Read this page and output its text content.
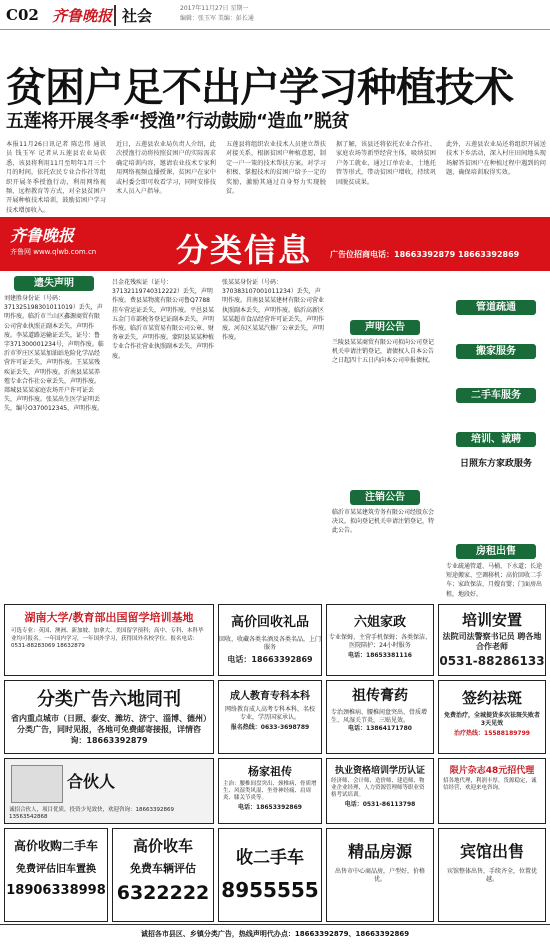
C02 齐鲁晚报 社会	2017年11月27日 星期一
编辑：张玉军 美编：彭长通
贫困户足不出户学习种植技术
五莲将开展冬季“授渔”行动鼓励“造血”脱贫
本报11月26日讯记者 陈忠伟 通讯员 钱玉军 记者从五莲县农业局获悉，该县将利用11月至明年1月三个月的时间，依托农民专业合作社等组织开展冬季授渔行动，利用网络视频、远程教育等方式，对全县贫困户开展种植技术培训，鼓励贫困户学习技术增加收入。
近日，五莲县农业局负责人介绍，此次授渔行动将按照贫困户的实际需求确定培训内容，邀请农业技术专家利用网络视频直播授课，贫困户在家中或村委会即可收看学习，同时安排技术人员入户指导。
五莲县将组织农业技术人员建立帮扶对接关系，根据贫困户种植意愿，制定一户一策的技术帮扶方案。对学习积极、掌握技术的贫困户给予一定的奖励，激励其通过自身努力实现脱贫。
据了解，该县还将依托农业合作社、家庭农场等新型经营主体，吸纳贫困户务工就业，通过订单农业、土地托管等形式，带动贫困户增收，持续巩固脱贫成果。
此外，五莲县农业局还将组织开展送技术下乡活动，深入村庄田间地头现场解答贫困户在种植过程中遇到的问题，确保培训取得实效。
齐鲁晚报
齐鲁网 www.qlwb.com.cn 分类信息 广告位招商电话：18663392879 18663392869
遗失声明
刘建胜身份证（号码：371325198301011019）丢失，声明作废。临沂市兰山区鑫源商贸有限公司营业执照正副本丢失，声明作废。李某道路运输证丢失，证号：鲁字371300001234号，声明作废。临沂市罗庄区某某加油站危险化学品经营许可证丢失，声明作废。王某某残疾证丢失，声明作废。沂南县某某养殖专业合作社公章丢失，声明作废。郯城县某某家庭农场开户许可证丢失，声明作废。张某出生医学证明丢失，编号O370012345，声明作废。
吕金花残疾证（证号：37132119740312222）丢失，声明作废。费县某物流有限公司鲁Q7788挂车营运证丢失，声明作废。平邑县某五金门市部税务登记证副本丢失，声明作废。临沂市某贸易有限公司公章、财务章丢失，声明作废。蒙阴县某某种植专业合作社营业执照副本丢失，声明作废。
张某某身份证（号码：370383107001011234）丢失，声明作废。莒南县某某建材有限公司营业执照副本丢失，声明作废。临沂高新区某某超市食品经营许可证丢失，声明作废。河东区某某汽修厂公章丢失，声明作废。
声明公告
兰陵县某某商贸有限公司拟向公司登记机关申请注销登记，请债权人自本公告之日起四十五日内向本公司申报债权。
注销公告
临沂市某某建筑劳务有限公司经股东会决议，拟向登记机关申请注销登记，特此公告。
管道疏通
搬家服务
二手车服务
培训、诚聘
日照东方家政服务
房租出售
专业疏通管道、马桶、下水道；长途短途搬家、空调移机；高价回收二手车；家政保洁、月嫂育婴；门面房出租，地段好。
湖南大学/教育部出国留学培训基地
可选专业：英国、澳洲、新加坡、加拿大、美国留学预科；高中、专科、本科毕业均可报名。一年国内学习，一年国外学习，获得国外名校学位。报名电话：0531-88283069 18632879
高价回收礼品
回收、收藏各类名酒及各类名品，上门服务
电话：18663392869
六姐家政
专业保姆、主营手机保姆；各类保洁、医院陪护；24小时服务
电话：18653381116
培训安置
法院司法警察书记员 聘各地合作老师
0531-88286133
分类广告六地同刊
省内重点城市（日照、泰安、潍坊、济宁、淄博、德州）分类广告，同时见报，各地可免费邮寄接报，详情咨询：18663392879
成人教育专科本科
网络教育成人高考专科本科，名校专业，学历国家承认。
报名热线：0633-3698789
祖传膏药
专治颈椎病、腰椎间盘突出、骨质增生、风湿关节炎，三贴见效。
电话：13864171780
签约祛斑
免费治疗，全城提货多次祛斑失败者3天见效
治疗热线：15588189799
合伙人
诚招合伙人，项目优质，投资少见效快，欢迎咨询：18663392869 13563542868
杨家祖传
主治：腰椎间盘突出、颈椎病、骨质增生、风湿类风湿、坐骨神经痛、肩周炎、膝关节炎等。
电话：18653392869
执业资格培训学历认证
经济师、会计师、造价师、建造师、物业企业经理、人力资源管理师等职业资格考试培训。
电话：0531-86113798
限片杂志48元招代理
招各地代理，利润丰厚，货源稳定，诚信经营，欢迎来电咨询。
高价收购二手车
免费评估旧车置换
18906338998
高价收车
免费车辆评估
6322222
收二手车
8955555
精品房源
出售市中心商品房，户型好，价格优。
宾馆出售
宾馆整体出售，手续齐全，位置优越。
诚招各市县区、乡镇分类广告，热线声明代办点：18663392879、18663392869
